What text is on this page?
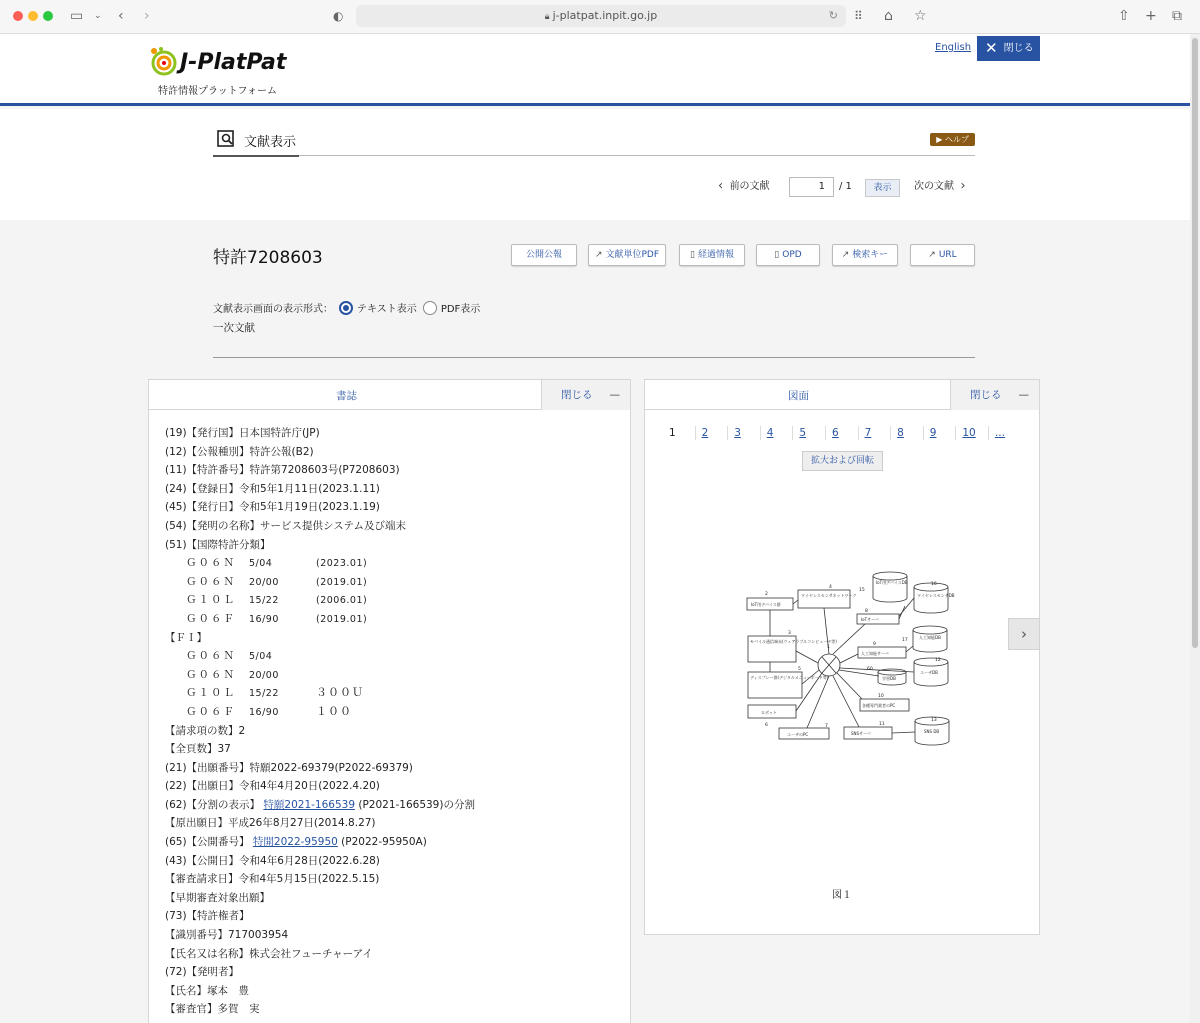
▭ ⌄ ‹ ›	◐	🔒︎ j-platpat.inpit.go.jp	↻ ⠿ ⌂ ☆	⇧ + ⧉
J-PlatPat
特許情報プラットフォーム
English ✕ 閉じる
文献表示	▶ ヘルプ
‹ 前の文献	1	/ 1	表示	次の文献 ›
特許7208603	公開公報	↗ 文献単位PDF	▯ 経過情報	▯ OPD	↗ 検索キー	↗ URL
文献表示画面の表示形式： テキスト表示 PDF表示
一次文献
書誌	閉じる —
(19)【発行国】日本国特許庁(JP)
(12)【公報種別】特許公報(B2)
(11)【特許番号】特許第7208603号(P7208603)
(24)【登録日】令和5年1月11日(2023.1.11)
(45)【発行日】令和5年1月19日(2023.1.19)
(54)【発明の名称】サービス提供システム及び端末
(51)【国際特許分類】
Ｇ０６Ｎ 5/04	(2023.01)
Ｇ０６Ｎ 20/00	(2019.01)
Ｇ１０Ｌ 15/22	(2006.01)
Ｇ０６Ｆ 16/90	(2019.01)
【ＦＩ】
Ｇ０６Ｎ 5/04
Ｇ０６Ｎ 20/00
Ｇ１０Ｌ 15/22	３００Ｕ
Ｇ０６Ｆ 16/90	１００
【請求項の数】2
【全頁数】37
(21)【出願番号】特願2022-69379(P2022-69379)
(22)【出願日】令和4年4月20日(2022.4.20)
(62)【分割の表示】 特願2021-166539 (P2021-166539)の分割
【原出願日】平成26年8月27日(2014.8.27)
(65)【公開番号】 特開2022-95950 (P2022-95950A)
(43)【公開日】令和4年6月28日(2022.6.28)
【審査請求日】令和4年5月15日(2022.5.15)
【早期審査対象出願】
(73)【特許権者】
【識別番号】717003954
【氏名又は名称】株式会社フューチャーアイ
(72)【発明者】
【氏名】塚本　豊
【審査官】多賀　実
図面	閉じる —
1 2 3 4 5 6 7 8 9 10 ...
拡大および回転
IoT用デバイス群
ワイヤレスセンサネットワーク
IoT用デバイスDB
ワイヤレスセンサDB
IoTサーバ
人工知能DB
モバイル通信端末(ウェアラブルコンピュータ等)
人工知能サーバ
ディスプレー群(デジタルメニューボード等)	学習DB
ユーザDB
各種専門業者のPC
ロボット
ユーザのPC	SNSサーバ	SNS DB
1
2
3
4
5
6	7
8
9
10
11
12
13
15
16
17
60
図１
›
